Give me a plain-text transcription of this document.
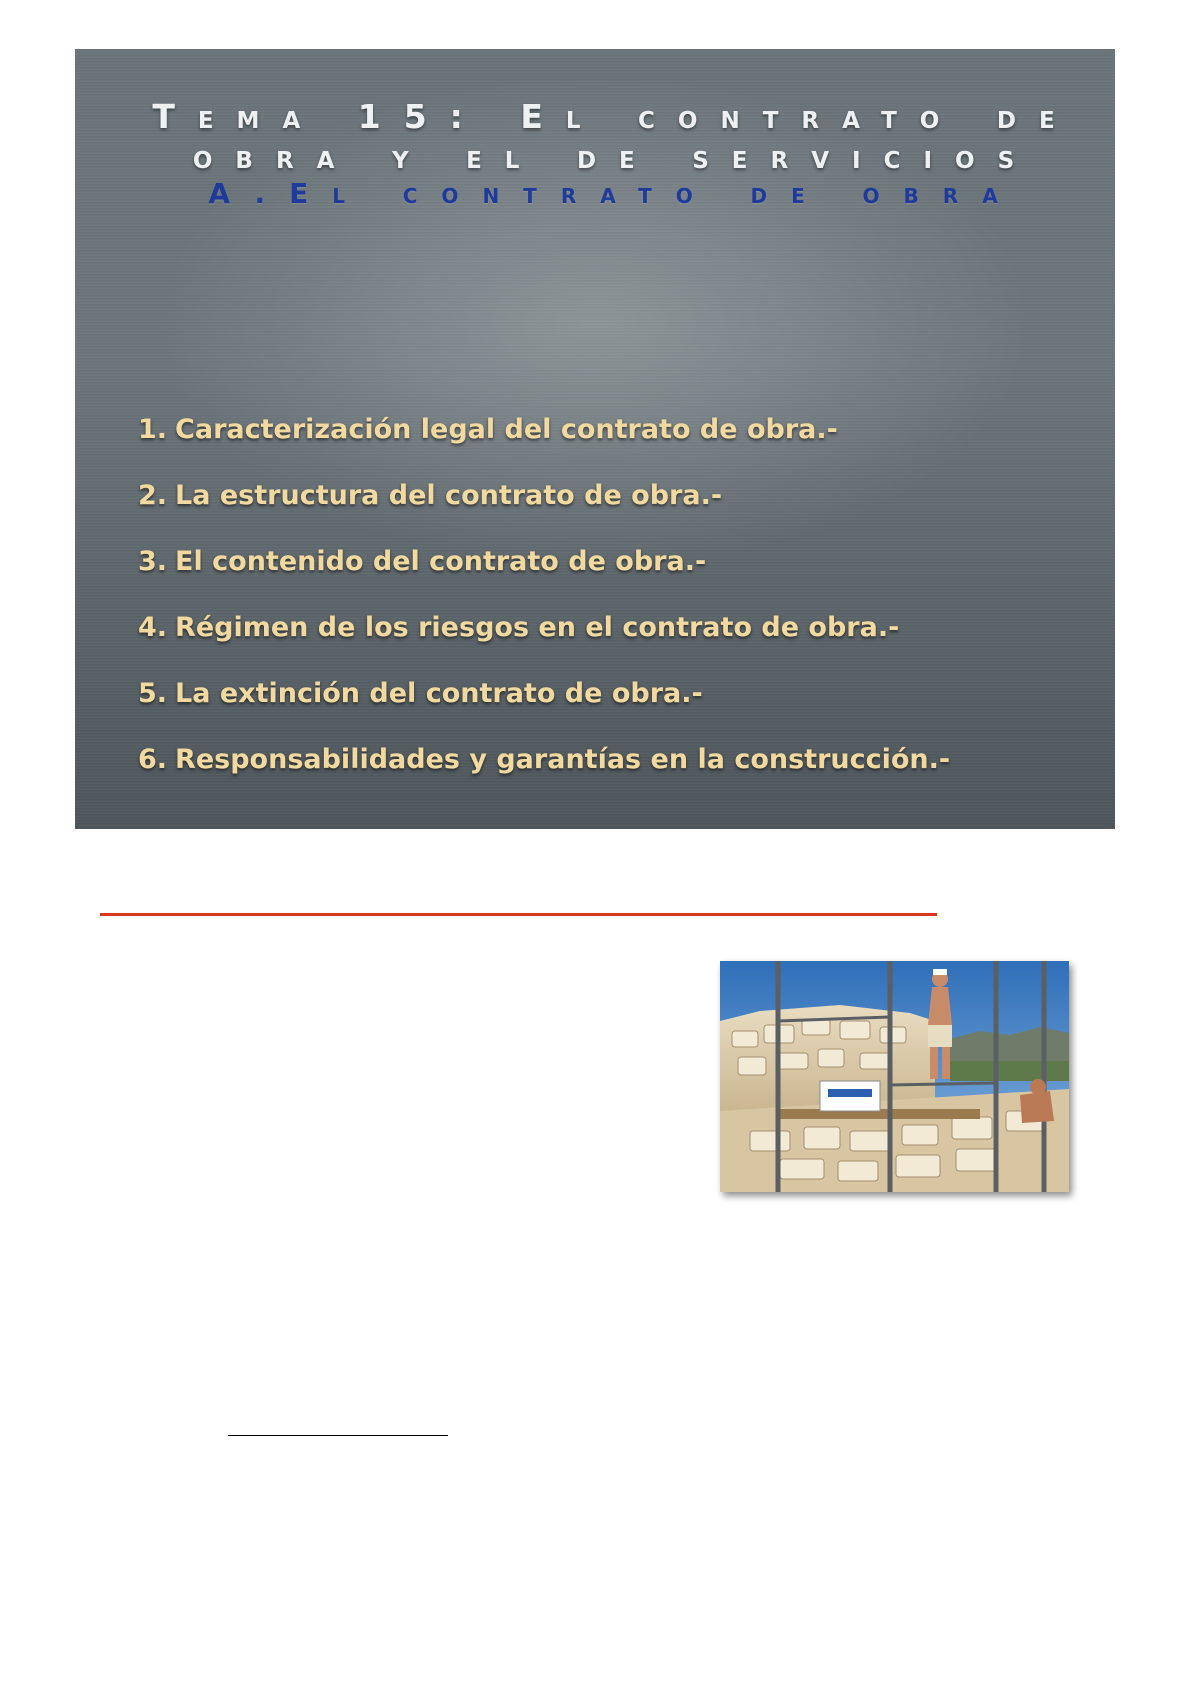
Tema 15: El contrato de
obra y el de servicios
A.El contrato de obra
1. Caracterización legal del contrato de obra.-
2. La estructura del contrato de obra.-
3. El contenido del contrato de obra.-
4. Régimen de los riesgos en el contrato de obra.-
5. La extinción del contrato de obra.-
6. Responsabilidades y garantías en la construcción.-
